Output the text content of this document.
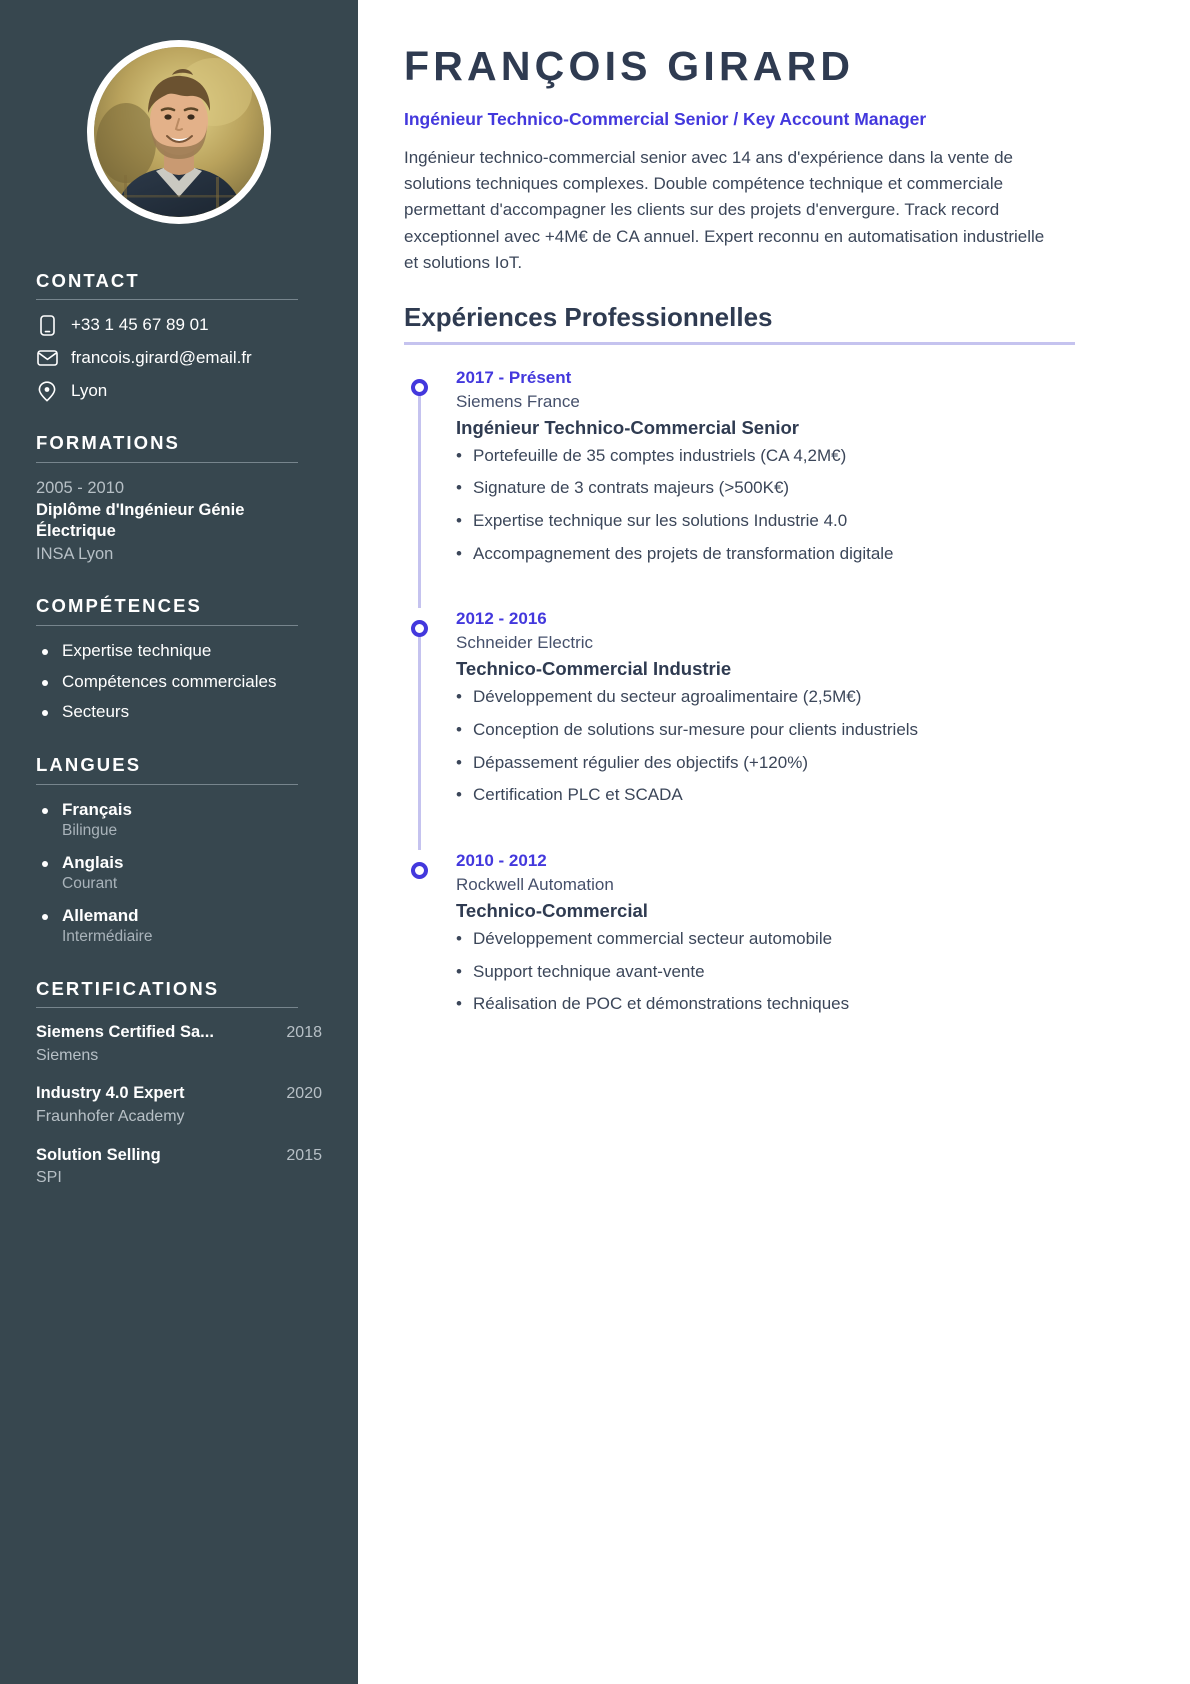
CONTACT
+33 1 45 67 89 01
francois.girard@email.fr
Lyon
FORMATIONS
2005 - 2010
Diplôme d'Ingénieur Génie Électrique
INSA Lyon
COMPÉTENCES
Expertise technique
Compétences commerciales
Secteurs
LANGUES
Français
Bilingue
Anglais
Courant
Allemand
Intermédiaire
CERTIFICATIONS
Siemens Certified Sa...	2018
Siemens
Industry 4.0 Expert	2020
Fraunhofer Academy
Solution Selling	2015
SPI
FRANÇOIS GIRARD
Ingénieur Technico-Commercial Senior / Key Account Manager

Ingénieur technico-commercial senior avec 14 ans d'expérience dans la vente de solutions techniques complexes. Double compétence technique et commerciale permettant d'accompagner les clients sur des projets d'envergure. Track record exceptionnel avec +4M€ de CA annuel. Expert reconnu en automatisation industrielle et solutions IoT.

Expériences Professionnelles
2017 - Présent
Siemens France
Ingénieur Technico-Commercial Senior
• Portefeuille de 35 comptes industriels (CA 4,2M€)
• Signature de 3 contrats majeurs (>500K€)
• Expertise technique sur les solutions Industrie 4.0
• Accompagnement des projets de transformation digitale
2012 - 2016
Schneider Electric
Technico-Commercial Industrie
• Développement du secteur agroalimentaire (2,5M€)
• Conception de solutions sur-mesure pour clients industriels
• Dépassement régulier des objectifs (+120%)
• Certification PLC et SCADA
2010 - 2012
Rockwell Automation
Technico-Commercial
• Développement commercial secteur automobile
• Support technique avant-vente
• Réalisation de POC et démonstrations techniques
